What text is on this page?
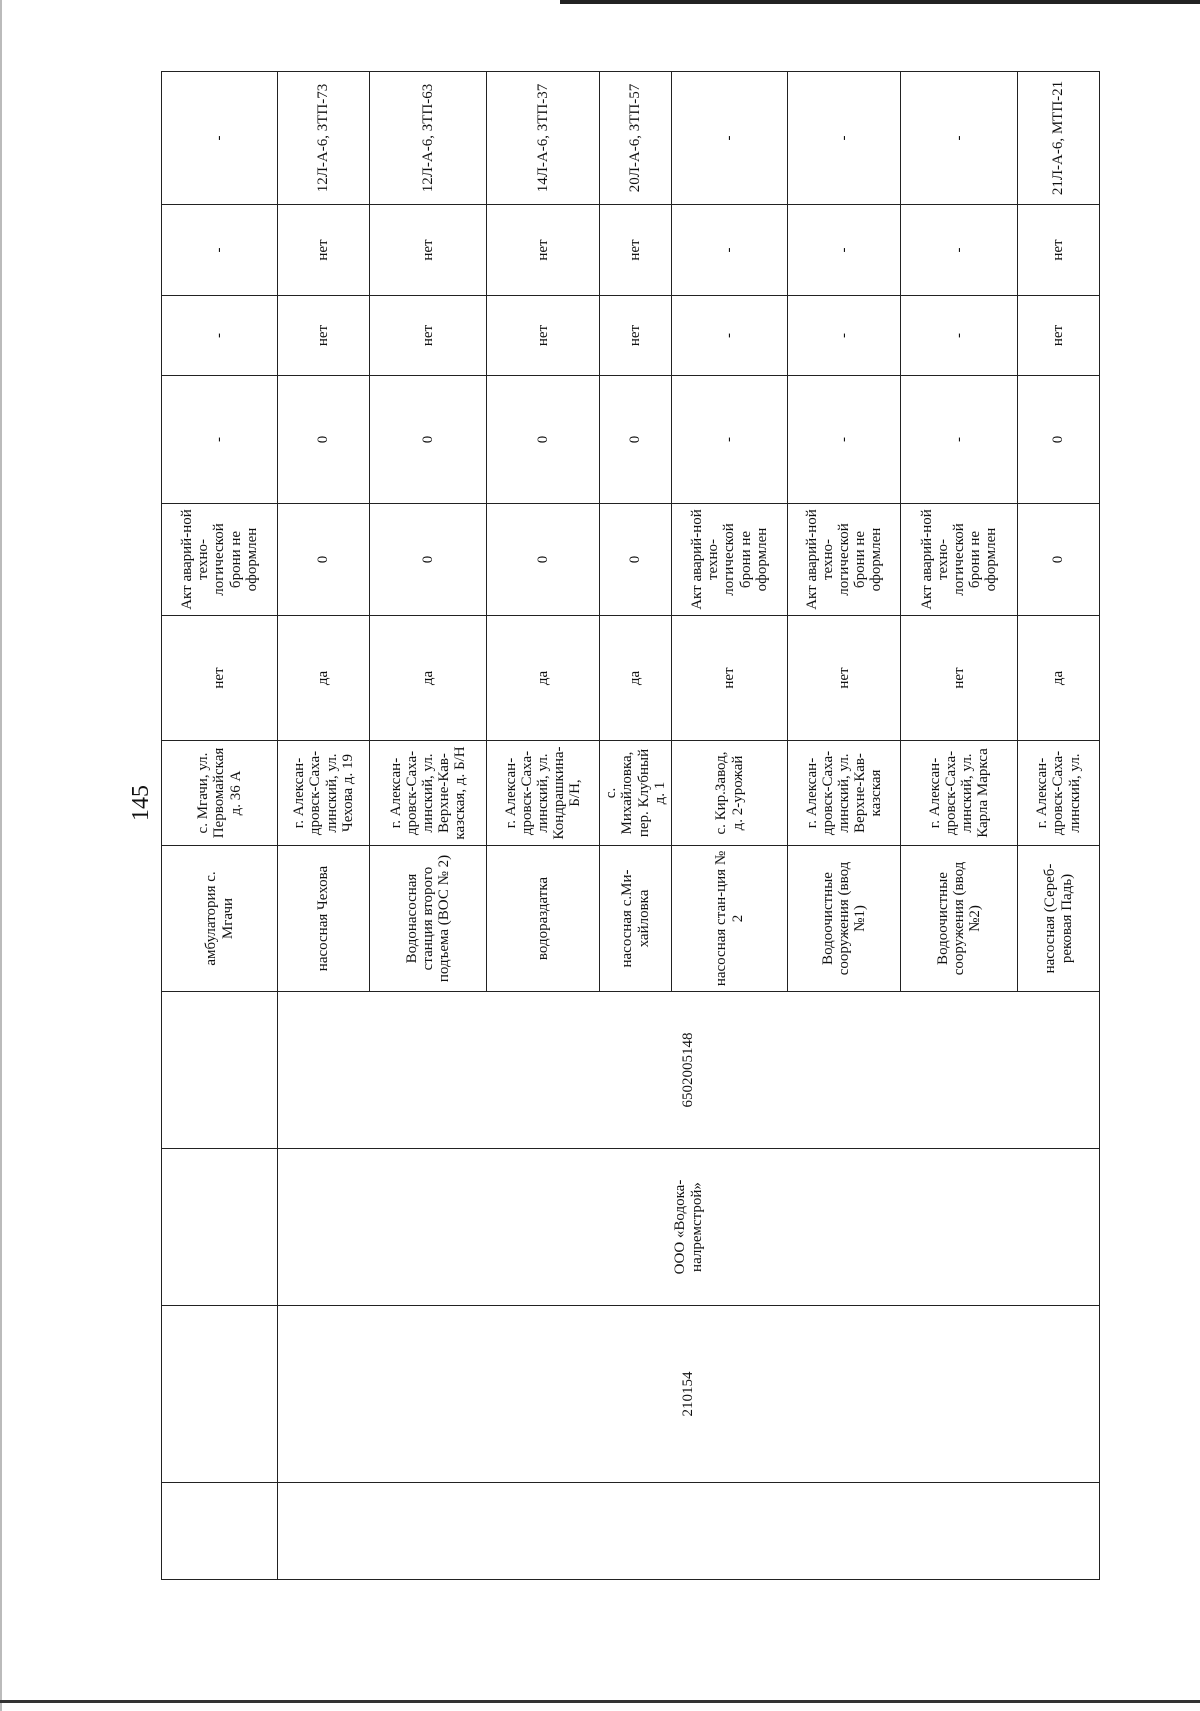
145
				амбулатория с. Мгачи	с. Мгачи, ул. Первомайская д. 36 А	нет	Акт аварий-ной техно-логической брони не оформлен	-	-	-	-
	210154	ООО «Водока-налремстрой»	6502005148	насосная Чехова	г. Алексан-дровск-Саха-линский, ул. Чехова д. 19	да	0	0	нет	нет	12Л-А-6, ЗТП-73
				Водонасосная станция второго подъема (ВОС № 2)	г. Алексан-дровск-Саха-линский, ул. Верхне-Кав-казская, д. Б/Н	да	0	0	нет	нет	12Л-А-6, ЗТП-63
				водораздатка	г. Алексан-дровск-Саха-линский, ул. Кондрашкина-Б/Н,	да	0	0	нет	нет	14Л-А-6, ЗТП-37
				насосная с.Ми-хайловка	с. Михайловка, пер. Клубный д. 1	да	0	0	нет	нет	20Л-А-6, ЗТП-57
				насосная стан-ция № 2	с. Кир.Завод, д. 2-урожай	нет	Акт аварий-ной техно-логической брони не оформлен	-	-	-	-
				Водоочистные сооружения (ввод №1)	г. Алексан-дровск-Саха-линский, ул. Верхне-Кав-казская	нет	Акт аварий-ной техно-логической брони не оформлен	-	-	-	-
				Водоочистные сооружения (ввод №2)	г. Алексан-дровск-Саха-линский, ул. Карла Маркса	нет	Акт аварий-ной техно-логической брони не оформлен	-	-	-	-
				насосная (Сереб-рековая Падь)	г. Алексан-дровск-Саха-линский, ул.	да	0	0	нет	нет	21Л-А-6, МТП-21
